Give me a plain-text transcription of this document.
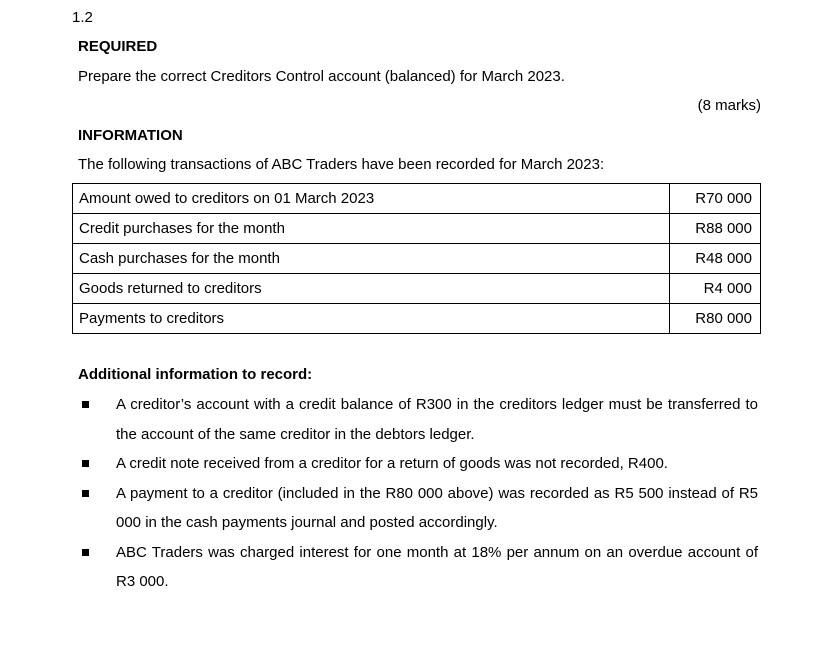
1.2
REQUIRED
Prepare the correct Creditors Control account (balanced) for March 2023.
(8 marks)
INFORMATION
The following transactions of ABC Traders have been recorded for March 2023:
Amount owed to creditors on 01 March 2023	R70 000
Credit purchases for the month	R88 000
Cash purchases for the month	R48 000
Goods returned to creditors	R4 000
Payments to creditors	R80 000
Additional information to record:
A creditor’s account with a credit balance of R300 in the creditors ledger must be transferred to the account of the same creditor in the debtors ledger.
A credit note received from a creditor for a return of goods was not recorded, R400.
A payment to a creditor (included in the R80 000 above) was recorded as R5 500 instead of R5 000 in the cash payments journal and posted accordingly.
ABC Traders was charged interest for one month at 18% per annum on an overdue account of R3 000.
